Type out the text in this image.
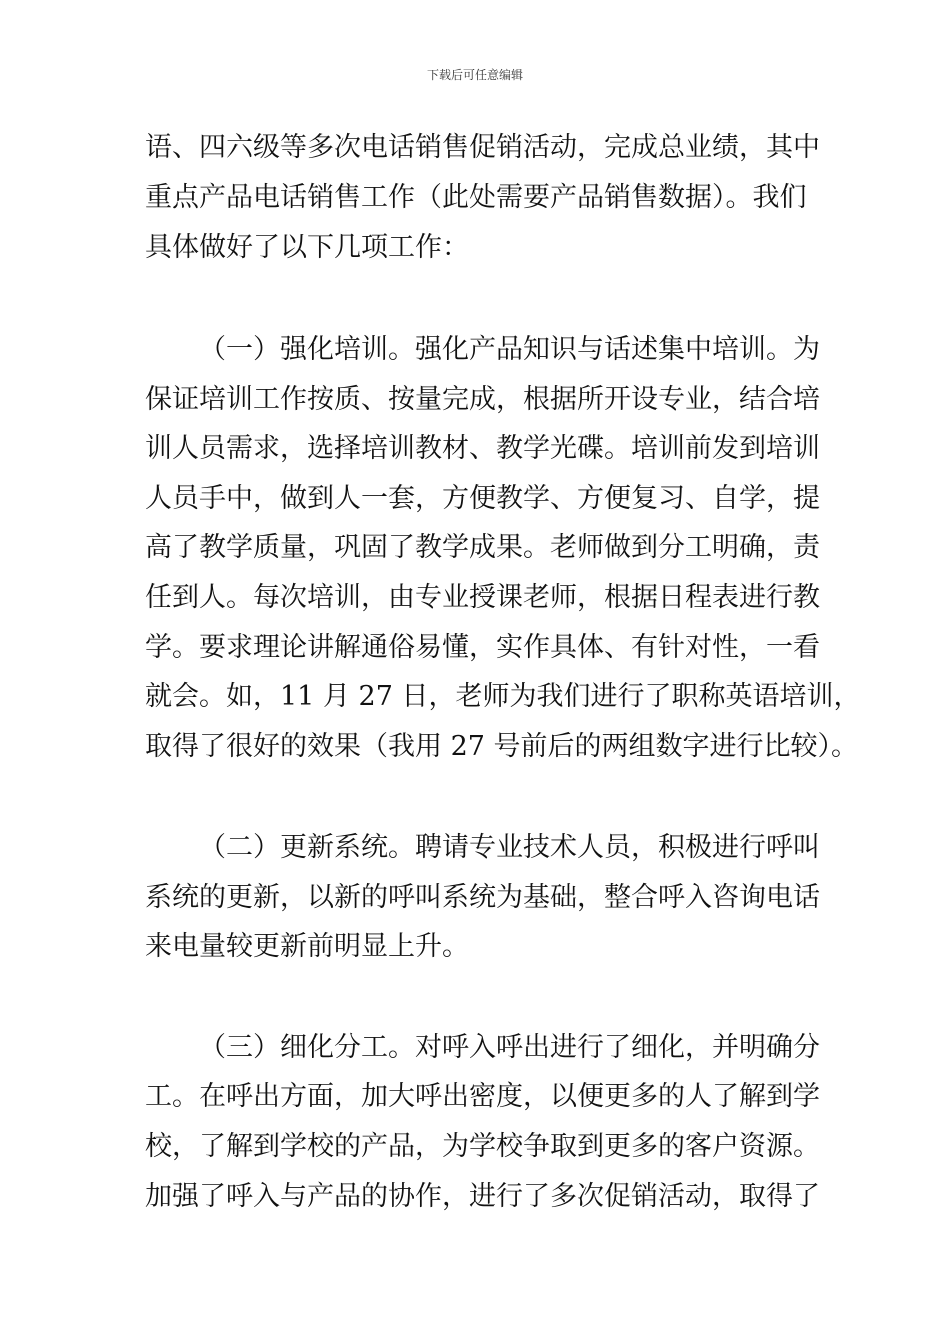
下载后可任意编辑
语、四六级等多次电话销售促销活动，完成总业绩，其中
重点产品电话销售工作（此处需要产品销售数据）。我们
具体做好了以下几项工作：
（一）强化培训。强化产品知识与话述集中培训。为
保证培训工作按质、按量完成，根据所开设专业，结合培
训人员需求，选择培训教材、教学光碟。培训前发到培训
人员手中，做到人一套，方便教学、方便复习、自学，提
高了教学质量，巩固了教学成果。老师做到分工明确，责
任到人。每次培训，由专业授课老师，根据日程表进行教
学。要求理论讲解通俗易懂，实作具体、有针对性，一看
就会。如，11 月 27 日，老师为我们进行了职称英语培训，
取得了很好的效果（我用 27 号前后的两组数字进行比较）。
（二）更新系统。聘请专业技术人员，积极进行呼叫
系统的更新，以新的呼叫系统为基础，整合呼入咨询电话
来电量较更新前明显上升。
（三）细化分工。对呼入呼出进行了细化，并明确分
工。在呼出方面，加大呼出密度，以便更多的人了解到学
校，了解到学校的产品，为学校争取到更多的客户资源。
加强了呼入与产品的协作，进行了多次促销活动，取得了
